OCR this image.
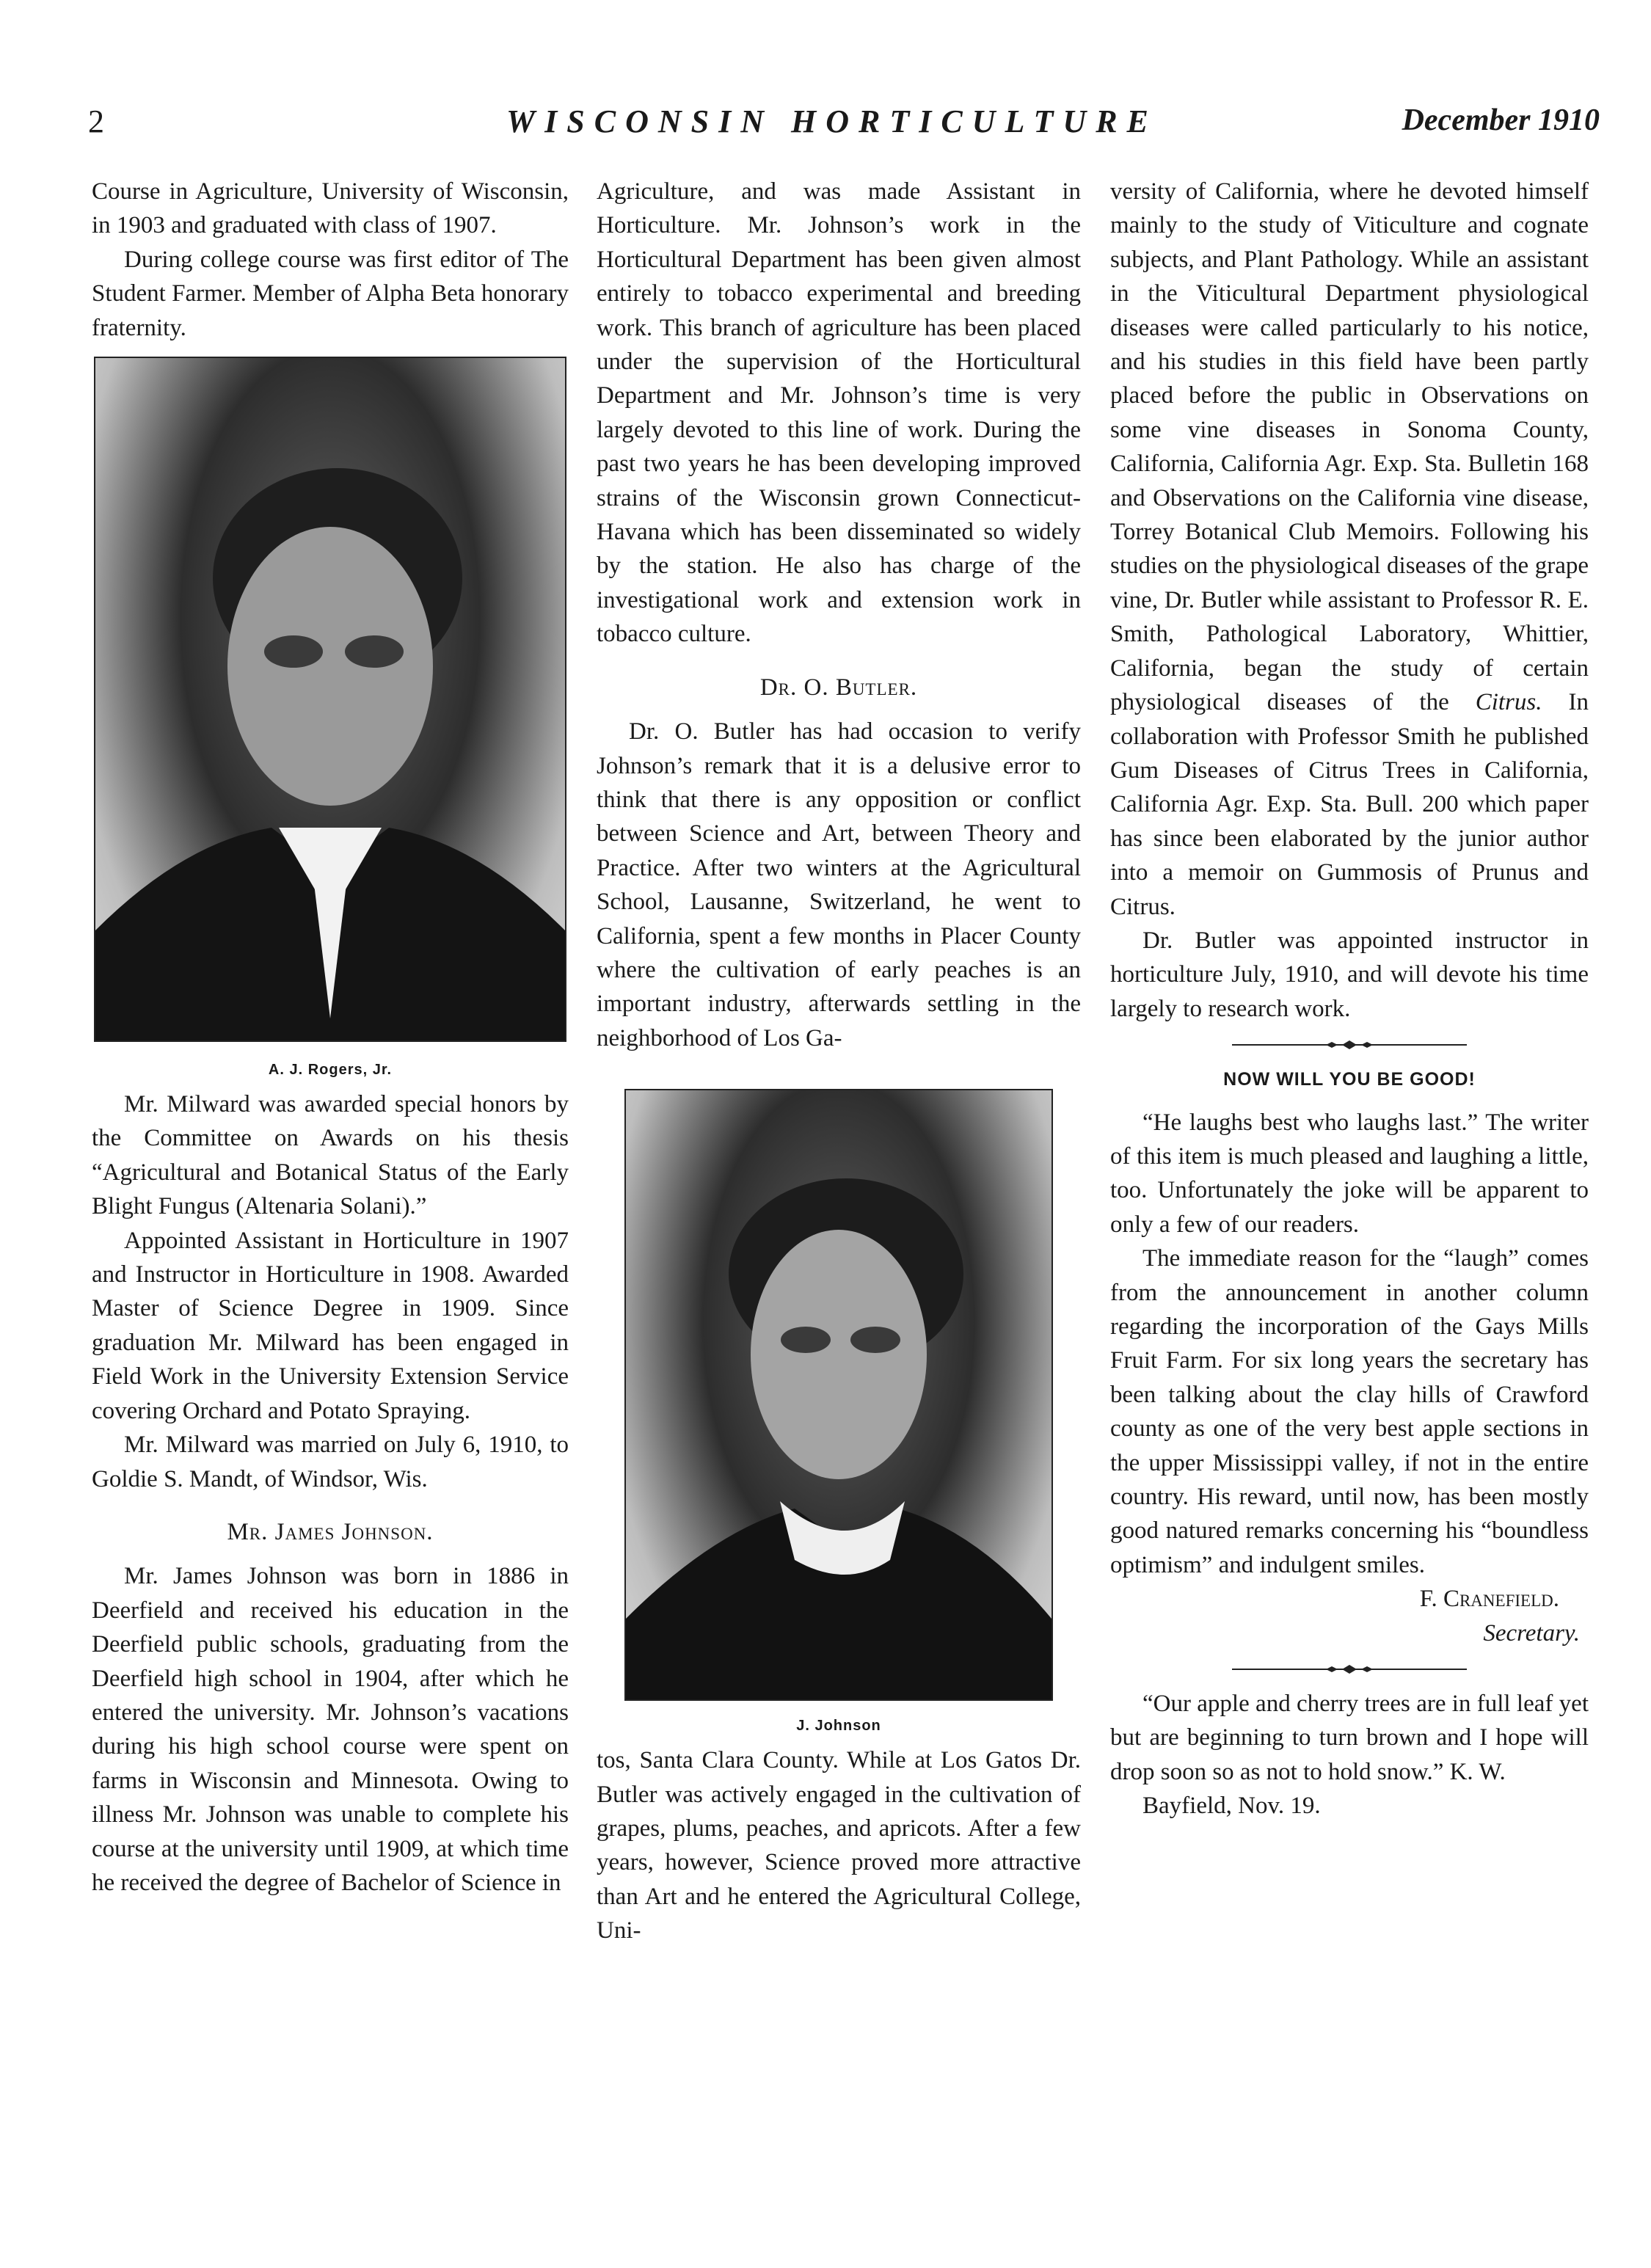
2	WISCONSIN HORTICULTURE	December 1910

Course in Agriculture, University of Wisconsin, in 1903 and graduated with class of 1907.

During college course was first editor of The Student Farmer. Member of Alpha Beta honorary fraternity.

A. J. Rogers, Jr.

Mr. Milward was awarded special honors by the Committee on Awards on his thesis “Agricultural and Botanical Status of the Early Blight Fungus (Altenaria Solani).”

Appointed Assistant in Horticulture in 1907 and Instructor in Horticulture in 1908. Awarded Master of Science Degree in 1909. Since graduation Mr. Milward has been engaged in Field Work in the University Extension Service covering Orchard and Potato Spraying.

Mr. Milward was married on July 6, 1910, to Goldie S. Mandt, of Windsor, Wis.

Mr. James Johnson.

Mr. James Johnson was born in 1886 in Deerfield and received his education in the Deerfield public schools, graduating from the Deerfield high school in 1904, after which he entered the university. Mr. Johnson’s vacations during his high school course were spent on farms in Wisconsin and Minnesota. Owing to illness Mr. Johnson was unable to complete his course at the university until 1909, at which time he received the degree of Bachelor of Science in

Agriculture, and was made Assistant in Horticulture. Mr. Johnson’s work in the Horticultural Department has been given almost entirely to tobacco experimental and breeding work. This branch of agriculture has been placed under the supervision of the Horticultural Department and Mr. Johnson’s time is very largely devoted to this line of work. During the past two years he has been developing improved strains of the Wisconsin grown Connecticut-Havana which has been disseminated so widely by the station. He also has charge of the investigational work and extension work in tobacco culture.

Dr. O. Butler.

Dr. O. Butler has had occasion to verify Johnson’s remark that it is a delusive error to think that there is any opposition or conflict between Science and Art, between Theory and Practice. After two winters at the Agricultural School, Lausanne, Switzerland, he went to California, spent a few months in Placer County where the cultivation of early peaches is an important industry, afterwards settling in the neighborhood of Los Ga-

J. Johnson

tos, Santa Clara County. While at Los Gatos Dr. Butler was actively engaged in the cultivation of grapes, plums, peaches, and apricots. After a few years, however, Science proved more attractive than Art and he entered the Agricultural College, Uni-

versity of California, where he devoted himself mainly to the study of Viticulture and cognate subjects, and Plant Pathology. While an assistant in the Viticultural Department physiological diseases were called particularly to his notice, and his studies in this field have been partly placed before the public in Observations on some vine diseases in Sonoma County, California, California Agr. Exp. Sta. Bulletin 168 and Observations on the California vine disease, Torrey Botanical Club Memoirs. Following his studies on the physiological diseases of the grape vine, Dr. Butler while assistant to Professor R. E. Smith, Pathological Laboratory, Whittier, California, began the study of certain physiological diseases of the Citrus. In collaboration with Professor Smith he published Gum Diseases of Citrus Trees in California, California Agr. Exp. Sta. Bull. 200 which paper has since been elaborated by the junior author into a memoir on Gummosis of Prunus and Citrus.

Dr. Butler was appointed instructor in horticulture July, 1910, and will devote his time largely to research work.

NOW WILL YOU BE GOOD!

“He laughs best who laughs last.” The writer of this item is much pleased and laughing a little, too. Unfortunately the joke will be apparent to only a few of our readers.

The immediate reason for the “laugh” comes from the announcement in another column regarding the incorporation of the Gays Mills Fruit Farm. For six long years the secretary has been talking about the clay hills of Crawford county as one of the very best apple sections in the upper Mississippi valley, if not in the entire country. His reward, until now, has been mostly good natured remarks concerning his “boundless optimism” and indulgent smiles.

F. Cranefield.
Secretary.

“Our apple and cherry trees are in full leaf yet but are beginning to turn brown and I hope will drop soon so as not to hold snow.” K. W.

Bayfield, Nov. 19.
